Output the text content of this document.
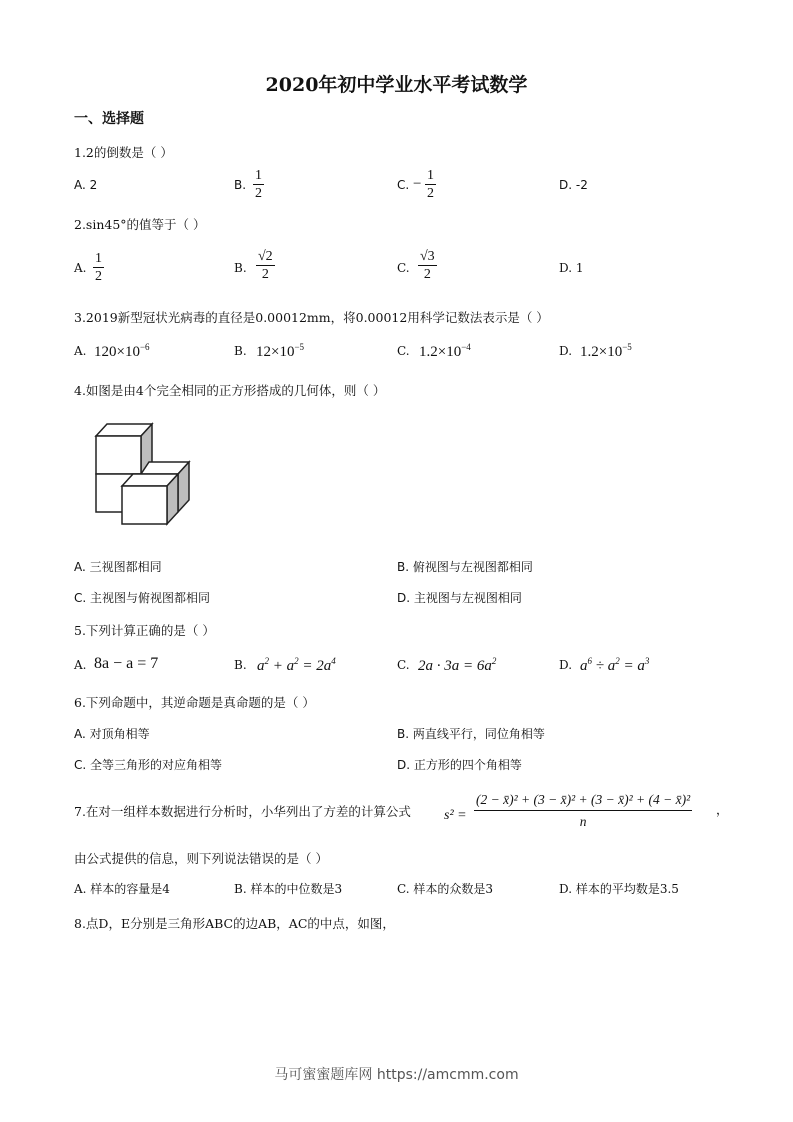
2020年初中学业水平考试数学
一、选择题
1.2的倒数是（ ）
A. 2	B. $\frac{1}{2}$	C. − $\frac{1}{2}$	D. -2
2.sin45°的值等于（ ）
A. $\frac{1}{2}$	B. $\frac{√2}{2}$	C. $\frac{√3}{2}$	D. 1
3.2019新型冠状光病毒的直径是0.00012mm，将0.00012用科学记数法表示是（ ）
A. $120\times 10^{-6}$	B. $12\times 10^{-5}$	C. $1.2\times 10^{-4}$	D. $1.2\times 10^{-5}$
4.如图是由4个完全相同的正方形搭成的几何体，则（ ）
A. 三视图都相同	B. 俯视图与左视图都相同
C. 主视图与俯视图都相同	D. 主视图与左视图相同
5.下列计算正确的是（ ）
A. 8a − a = 7	B. $a^2 + a^2 = 2a^4$	C. $2a \cdot 3a = 6a^2$	D. $a^6 \div a^2 = a^3$
6.下列命题中，其逆命题是真命题的是（ ）
A. 对顶角相等	B. 两直线平行，同位角相等
C. 全等三角形的对应角相等	D. 正方形的四个角相等
7.在对一组样本数据进行分析时，小华列出了方差的计算公式 $s^2 = \frac{\text{(2 − x̄)² + (3 − x̄)² + (3 − x̄)² + (4 − x̄)²}}{n}$ ，
由公式提供的信息，则下列说法错误的是（ ）
A. 样本的容量是4	B. 样本的中位数是3	C. 样本的众数是3	D. 样本的平均数是3.5
8.点D，E分别是三角形ABC的边AB，AC的中点，如图，
马可蜜蜜题库网 https://amcmm.com
